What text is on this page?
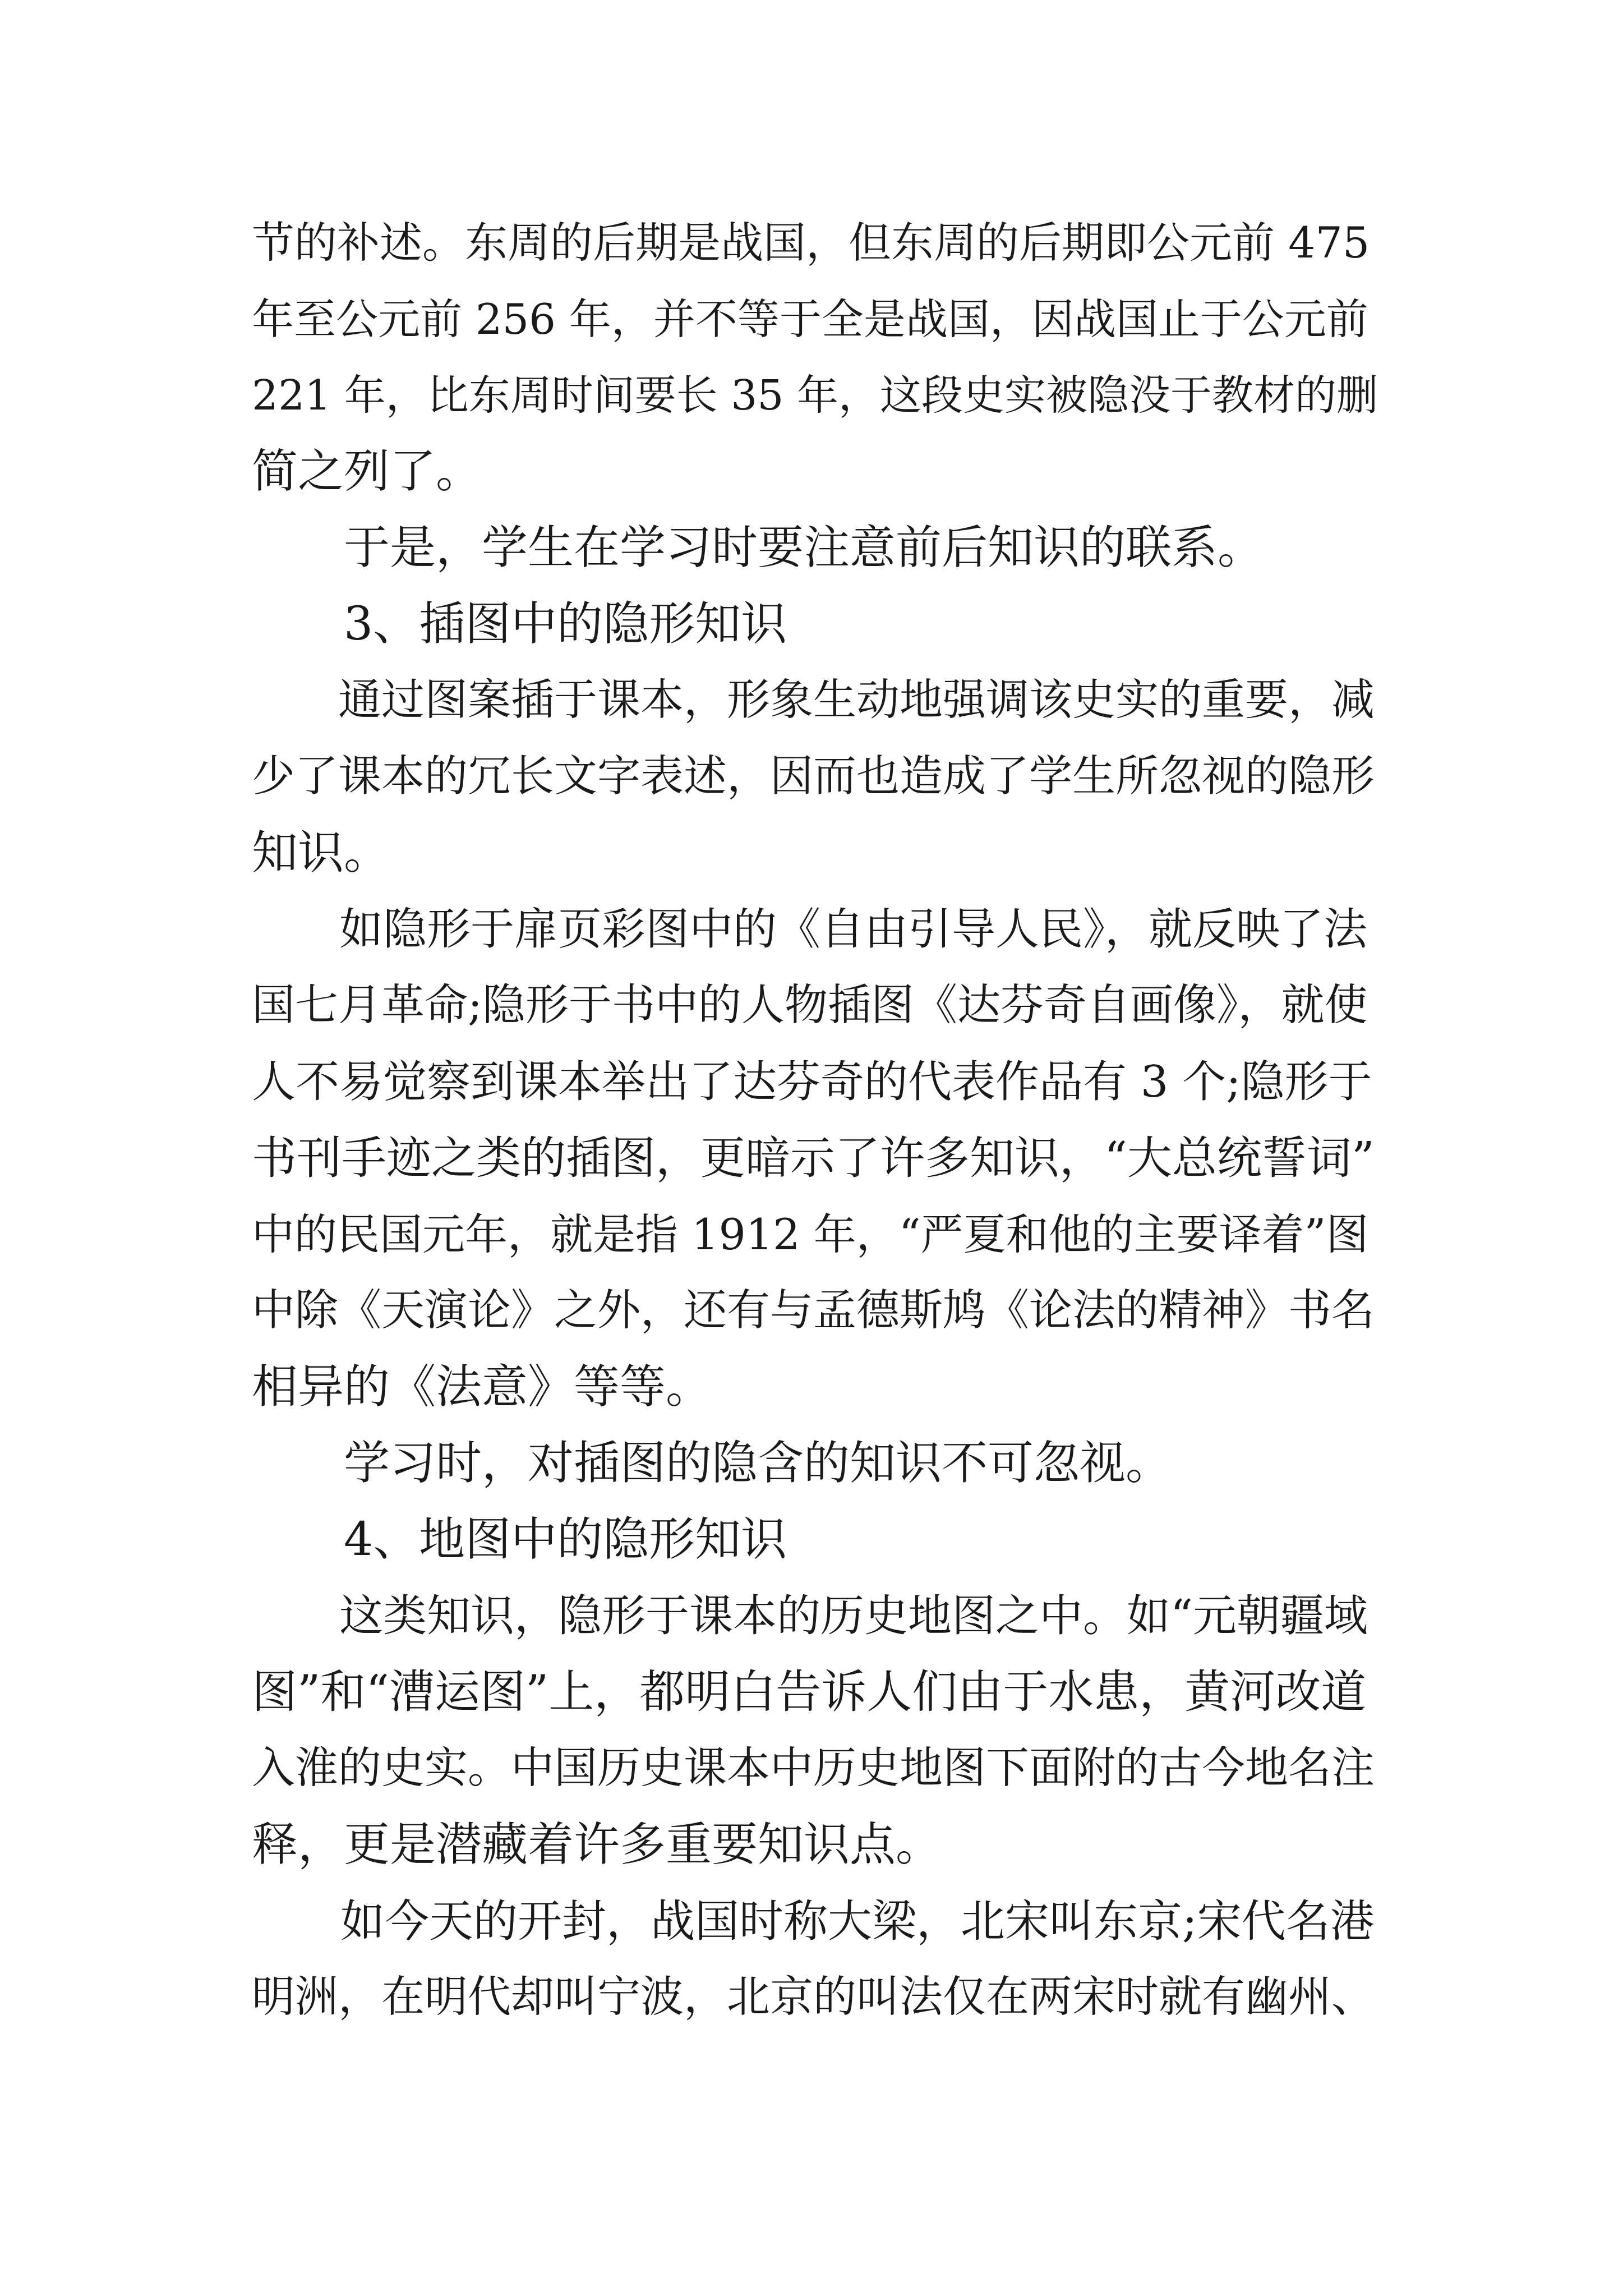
节的补述。东周的后期是战国，但东周的后期即公元前 475
年至公元前 256 年，并不等于全是战国，因战国止于公元前
221 年，比东周时间要长 35 年，这段史实被隐没于教材的删
简之列了。
　　于是，学生在学习时要注意前后知识的联系。
　　3、插图中的隐形知识
　　通过图案插于课本，形象生动地强调该史实的重要，减
少了课本的冗长文字表述，因而也造成了学生所忽视的隐形
知识。
　　如隐形于扉页彩图中的《自由引导人民》，就反映了法
国七月革命;隐形于书中的人物插图《达芬奇自画像》，就使
人不易觉察到课本举出了达芬奇的代表作品有 3 个;隐形于
书刊手迹之类的插图，更暗示了许多知识，“大总统誓词”
中的民国元年，就是指 1912 年，“严夏和他的主要译着”图
中除《天演论》之外，还有与孟德斯鸠《论法的精神》书名
相异的《法意》等等。
　　学习时，对插图的隐含的知识不可忽视。
　　4、地图中的隐形知识
　　这类知识，隐形于课本的历史地图之中。如“元朝疆域
图”和“漕运图”上，都明白告诉人们由于水患，黄河改道
入淮的史实。中国历史课本中历史地图下面附的古今地名注
释，更是潜藏着许多重要知识点。
　　如今天的开封，战国时称大梁，北宋叫东京;宋代名港
明洲，在明代却叫宁波，北京的叫法仅在两宋时就有幽州、
